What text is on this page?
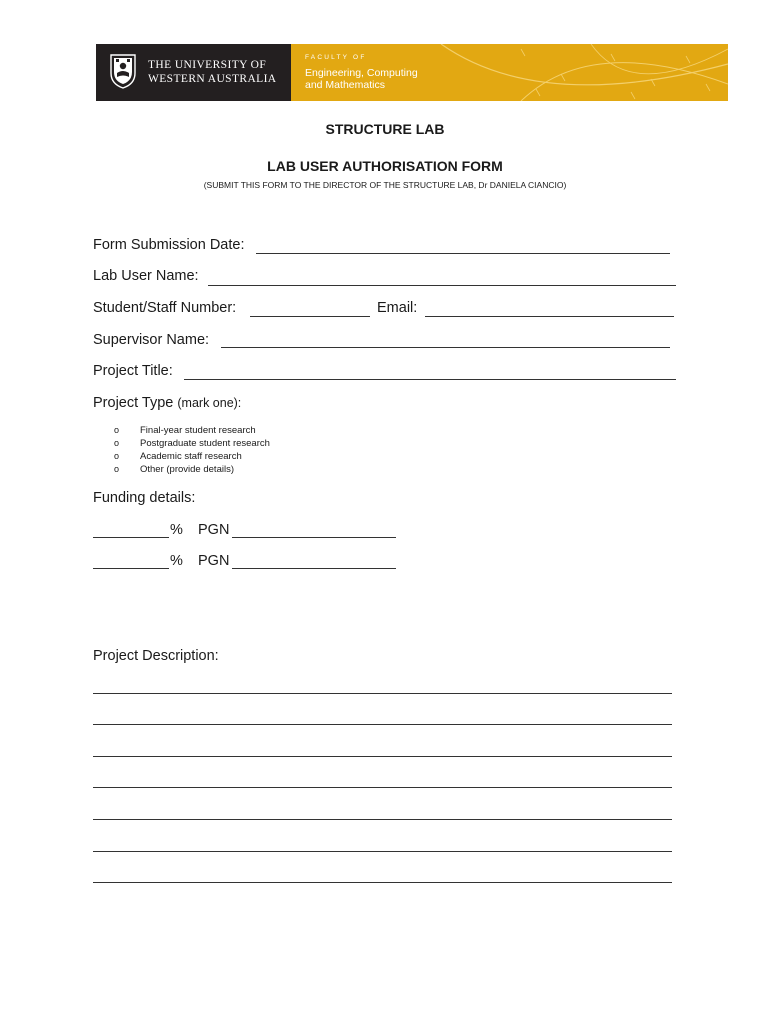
THE UNIVERSITY OF
WESTERN AUSTRALIA
FACULTY OF
Engineering, Computing
and Mathematics
STRUCTURE LAB
LAB USER AUTHORISATION FORM
(SUBMIT THIS FORM TO THE DIRECTOR OF THE STRUCTURE LAB, Dr DANIELA CIANCIO)
Form Submission Date:
Lab User Name:
Student/Staff Number:	Email:
Supervisor Name:
Project Title:
Project Type (mark one):
o	Final-year student research
o	Postgraduate student research
o	Academic staff research
o	Other (provide details)
Funding details:
% PGN
% PGN
Project Description:
